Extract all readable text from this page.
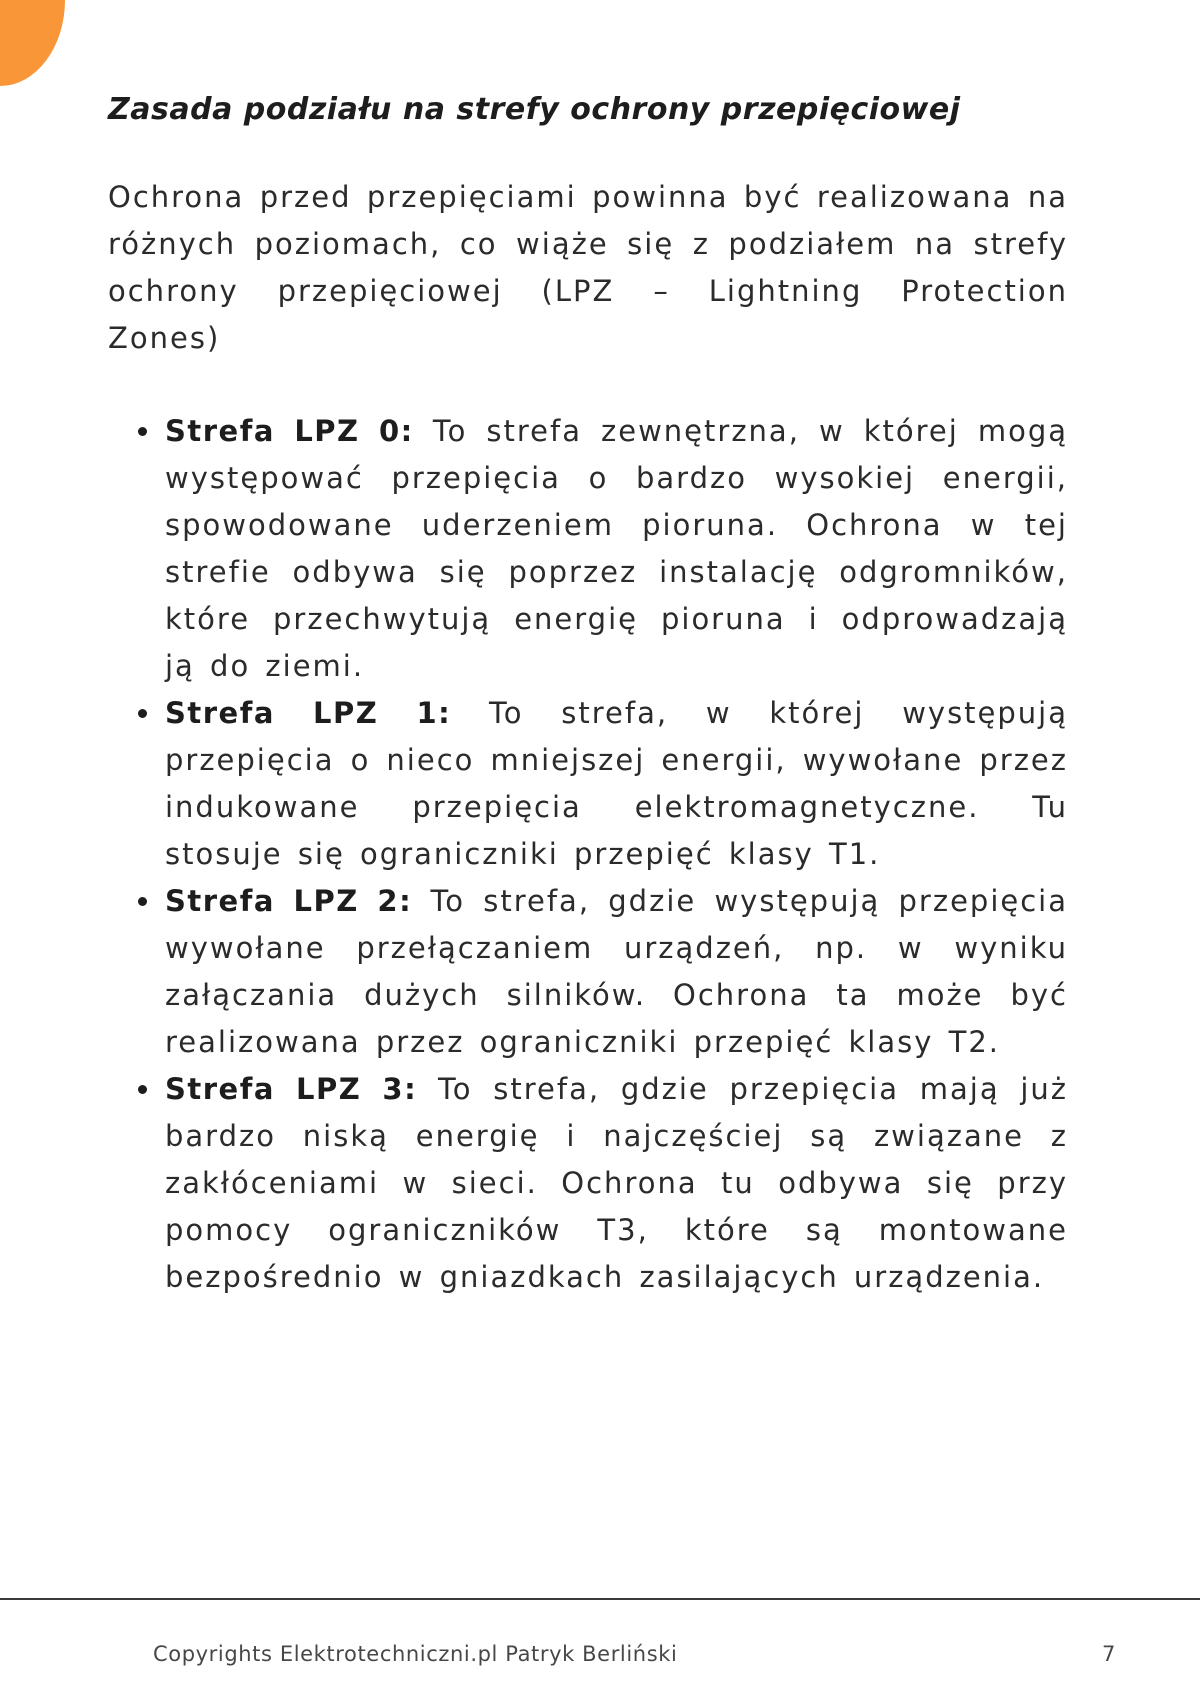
Zasada podziału na strefy ochrony przepięciowej

Ochrona przed przepięciami powinna być realizowana na różnych poziomach, co wiąże się z podziałem na strefy ochrony przepięciowej (LPZ – Lightning Protection Zones)

Strefa LPZ 0: To strefa zewnętrzna, w której mogą występować przepięcia o bardzo wysokiej energii, spowodowane uderzeniem pioruna. Ochrona w tej strefie odbywa się poprzez instalację odgromników, które przechwytują energię pioruna i odprowadzają ją do ziemi.
Strefa LPZ 1: To strefa, w której występują przepięcia o nieco mniejszej energii, wywołane przez indukowane przepięcia elektromagnetyczne. Tu stosuje się ograniczniki przepięć klasy T1.
Strefa LPZ 2: To strefa, gdzie występują przepięcia wywołane przełączaniem urządzeń, np. w wyniku załączania dużych silników. Ochrona ta może być realizowana przez ograniczniki przepięć klasy T2.
Strefa LPZ 3: To strefa, gdzie przepięcia mają już bardzo niską energię i najczęściej są związane z zakłóceniami w sieci. Ochrona tu odbywa się przy pomocy ograniczników T3, które są montowane bezpośrednio w gniazdkach zasilających urządzenia.
Copyrights Elektrotechniczni.pl Patryk Berliński	7
